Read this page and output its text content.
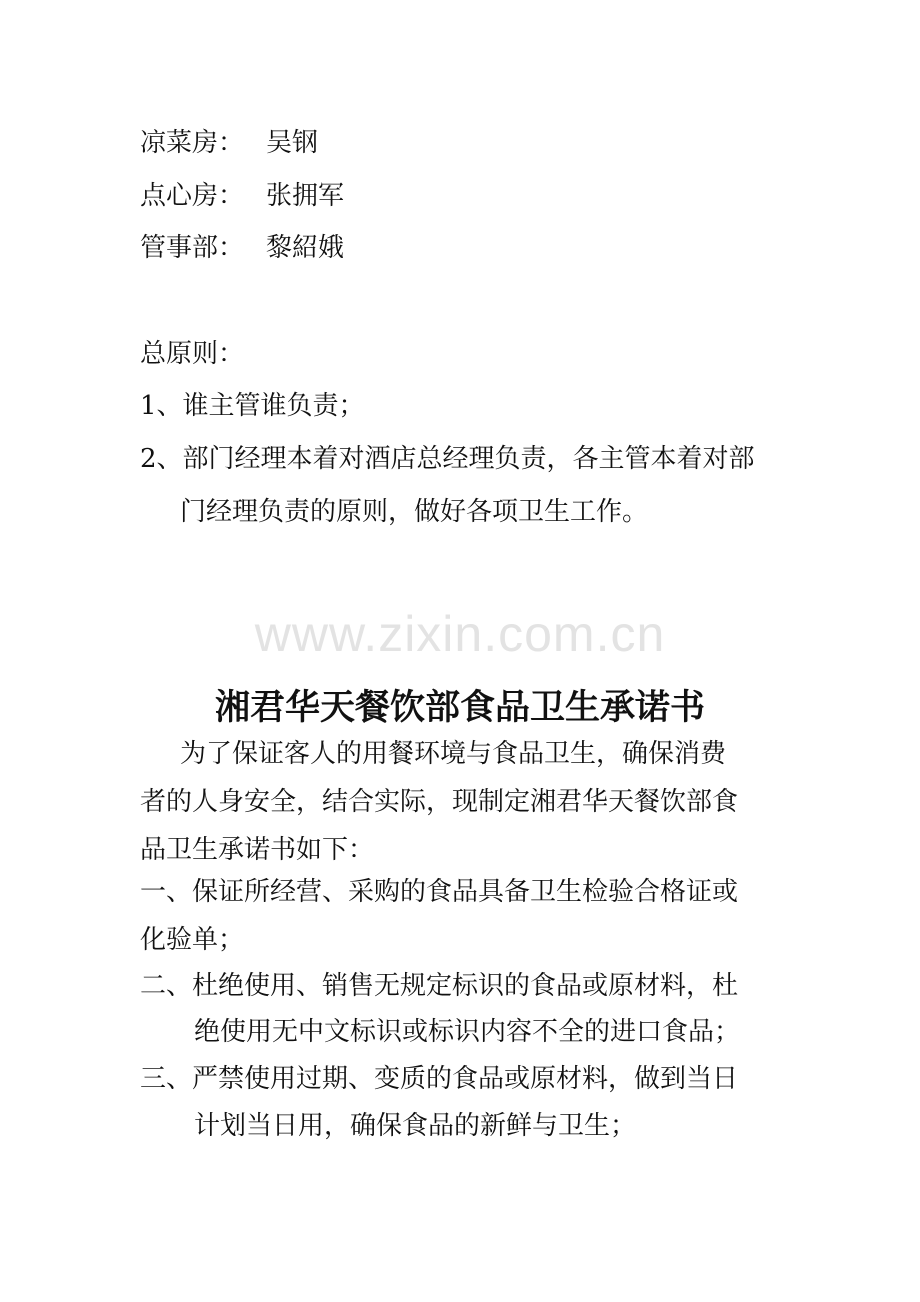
凉菜房： 吴钢
点心房： 张拥军
管事部： 黎紹娥
总原则：
1、谁主管谁负责；
2、部门经理本着对酒店总经理负责，各主管本着对部
门经理负责的原则，做好各项卫生工作。
www.zixin.com.cn
湘君华天餐饮部食品卫生承诺书
为了保证客人的用餐环境与食品卫生，确保消费
者的人身安全，结合实际，现制定湘君华天餐饮部食
品卫生承诺书如下：
一、保证所经营、采购的食品具备卫生检验合格证或
化验单；
二、杜绝使用、销售无规定标识的食品或原材料，杜
绝使用无中文标识或标识内容不全的进口食品；
三、严禁使用过期、变质的食品或原材料，做到当日
计划当日用，确保食品的新鲜与卫生；
